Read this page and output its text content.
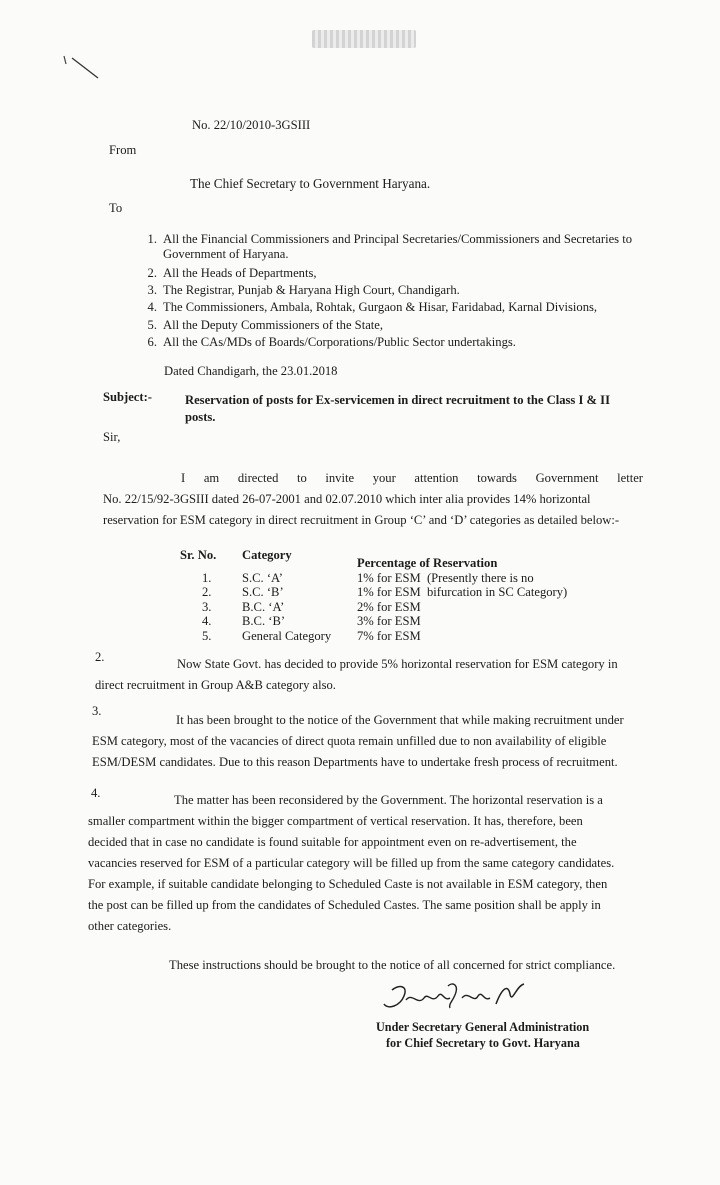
No. 22/10/2010-3GSIII
From
The Chief Secretary to Government Haryana.
To
1. All the Financial Commissioners and Principal Secretaries/Commissioners and Secretaries to
Government of Haryana.
2. All the Heads of Departments,
3. The Registrar, Punjab & Haryana High Court, Chandigarh.
4. The Commissioners, Ambala, Rohtak, Gurgaon & Hisar, Faridabad, Karnal Divisions,
5. All the Deputy Commissioners of the State,
6. All the CAs/MDs of Boards/Corporations/Public Sector undertakings.
Dated Chandigarh, the 23.01.2018
Subject:-	Reservation of posts for Ex-servicemen in direct recruitment to the Class I & II
posts.
Sir,
I am directed to invite your attention towards Government letter
No. 22/15/92-3GSIII dated 26-07-2001 and 02.07.2010 which inter alia provides 14% horizontal
reservation for ESM category in direct recruitment in Group ‘C’ and ‘D’ categories as detailed below:-
Sr. No.	Category	Percentage of Reservation
1.	S.C. ‘A’	1% for ESM (Presently there is no
2.	S.C. ‘B’	1% for ESM bifurcation in SC Category)
3.	B.C. ‘A’	2% for ESM
4.	B.C. ‘B’	3% for ESM
5.	General Category	7% for ESM
2.	Now State Govt. has decided to provide 5% horizontal reservation for ESM category in
direct recruitment in Group A&B category also.
3.
It has been brought to the notice of the Government that while making recruitment under
ESM category, most of the vacancies of direct quota remain unfilled due to non availability of eligible
ESM/DESM candidates. Due to this reason Departments have to undertake fresh process of recruitment.
4.	The matter has been reconsidered by the Government. The horizontal reservation is a
smaller compartment within the bigger compartment of vertical reservation. It has, therefore, been
decided that in case no candidate is found suitable for appointment even on re-advertisement, the
vacancies reserved for ESM of a particular category will be filled up from the same category candidates.
For example, if suitable candidate belonging to Scheduled Caste is not available in ESM category, then
the post can be filled up from the candidates of Scheduled Castes. The same position shall be apply in
other categories.
These instructions should be brought to the notice of all concerned for strict compliance.
Under Secretary General Administration
for Chief Secretary to Govt. Haryana
